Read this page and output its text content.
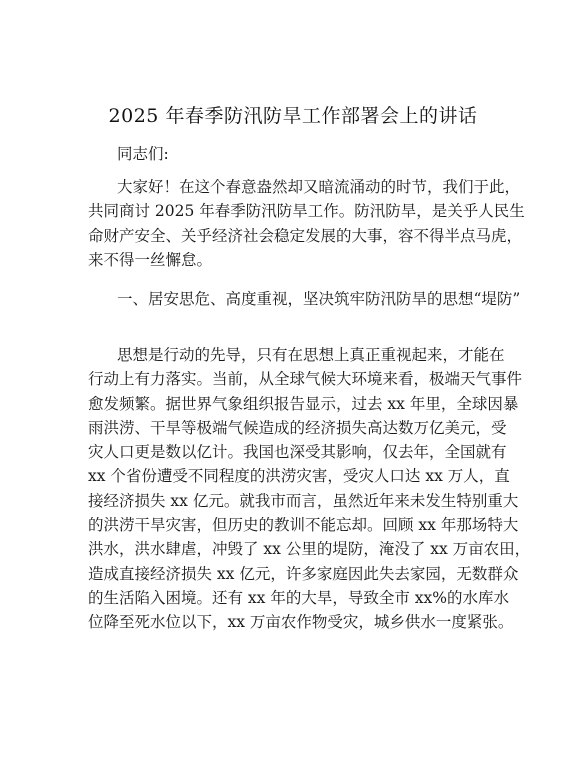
2025 年春季防汛防旱工作部署会上的讲话
同志们:
大家好！在这个春意盎然却又暗流涌动的时节，我们于此，
共同商讨 2025 年春季防汛防旱工作。防汛防旱，是关乎人民生
命财产安全、关乎经济社会稳定发展的大事，容不得半点马虎，
来不得一丝懈怠。
一、居安思危、高度重视，坚决筑牢防汛防旱的思想“堤防”
思想是行动的先导，只有在思想上真正重视起来，才能在
行动上有力落实。当前，从全球气候大环境来看，极端天气事件
愈发频繁。据世界气象组织报告显示，过去 xx 年里，全球因暴
雨洪涝、干旱等极端气候造成的经济损失高达数万亿美元，受
灾人口更是数以亿计。我国也深受其影响，仅去年，全国就有
xx 个省份遭受不同程度的洪涝灾害，受灾人口达 xx 万人，直
接经济损失 xx 亿元。就我市而言，虽然近年来未发生特别重大
的洪涝干旱灾害，但历史的教训不能忘却。回顾 xx 年那场特大
洪水，洪水肆虐，冲毁了 xx 公里的堤防，淹没了 xx 万亩农田，
造成直接经济损失 xx 亿元，许多家庭因此失去家园，无数群众
的生活陷入困境。还有 xx 年的大旱，导致全市 xx%的水库水
位降至死水位以下，xx 万亩农作物受灾，城乡供水一度紧张。
